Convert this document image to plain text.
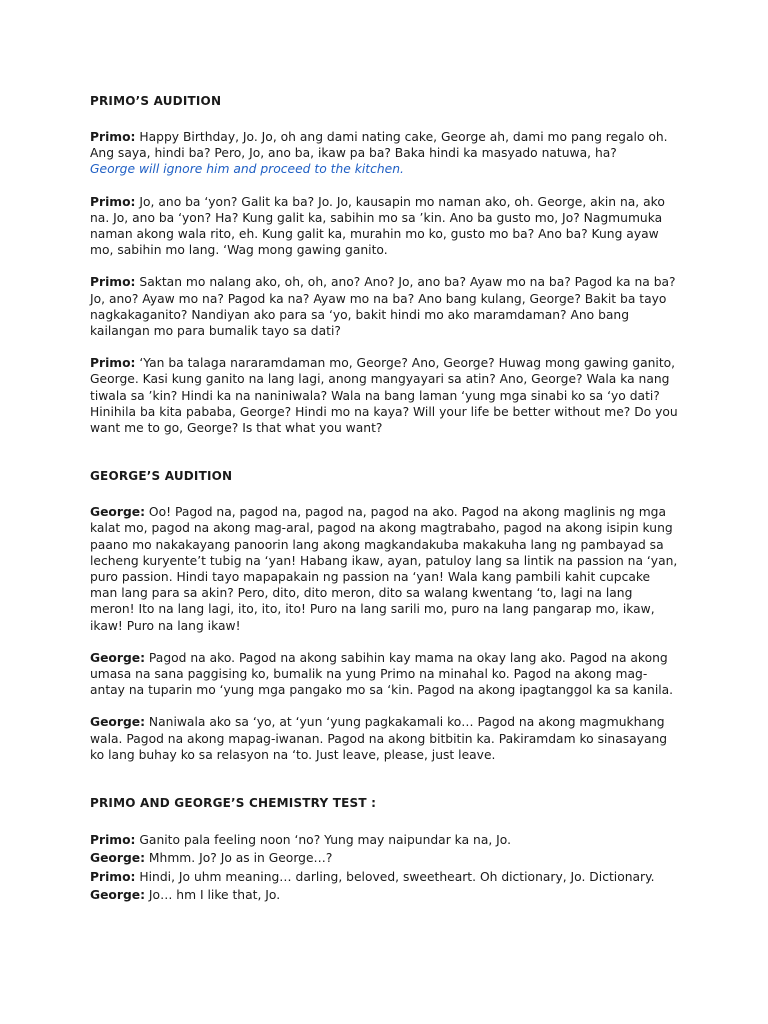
PRIMO’S AUDITION

Primo: Happy Birthday, Jo. Jo, oh ang dami nating cake, George ah, dami mo pang regalo oh. Ang saya, hindi ba? Pero, Jo, ano ba, ikaw pa ba? Baka hindi ka masyado natuwa, ha?
George will ignore him and proceed to the kitchen.

Primo: Jo, ano ba ‘yon? Galit ka ba? Jo. Jo, kausapin mo naman ako, oh. George, akin na, ako na. Jo, ano ba ‘yon? Ha? Kung galit ka, sabihin mo sa ’kin. Ano ba gusto mo, Jo? Nagmumuka naman akong wala rito, eh. Kung galit ka, murahin mo ko, gusto mo ba? Ano ba? Kung ayaw mo, sabihin mo lang. ‘Wag mong gawing ganito.

Primo: Saktan mo nalang ako, oh, oh, ano? Ano? Jo, ano ba? Ayaw mo na ba? Pagod ka na ba? Jo, ano? Ayaw mo na? Pagod ka na? Ayaw mo na ba? Ano bang kulang, George? Bakit ba tayo nagkakaganito? Nandiyan ako para sa ‘yo, bakit hindi mo ako maramdaman? Ano bang kailangan mo para bumalik tayo sa dati?

Primo: ‘Yan ba talaga nararamdaman mo, George? Ano, George? Huwag mong gawing ganito, George. Kasi kung ganito na lang lagi, anong mangyayari sa atin? Ano, George? Wala ka nang tiwala sa ’kin? Hindi ka na naniniwala? Wala na bang laman ‘yung mga sinabi ko sa ‘yo dati? Hinihila ba kita pababa, George? Hindi mo na kaya? Will your life be better without me? Do you want me to go, George? Is that what you want?

GEORGE’S AUDITION

George: Oo! Pagod na, pagod na, pagod na, pagod na ako. Pagod na akong maglinis ng mga kalat mo, pagod na akong mag-aral, pagod na akong magtrabaho, pagod na akong isipin kung paano mo nakakayang panoorin lang akong magkandakuba makakuha lang ng pambayad sa lecheng kuryente’t tubig na ‘yan! Habang ikaw, ayan, patuloy lang sa lintik na passion na ‘yan, puro passion. Hindi tayo mapapakain ng passion na ‘yan! Wala kang pambili kahit cupcake man lang para sa akin? Pero, dito, dito meron, dito sa walang kwentang ‘to, lagi na lang meron! Ito na lang lagi, ito, ito, ito! Puro na lang sarili mo, puro na lang pangarap mo, ikaw, ikaw! Puro na lang ikaw!

George: Pagod na ako. Pagod na akong sabihin kay mama na okay lang ako. Pagod na akong umasa na sana paggising ko, bumalik na yung Primo na minahal ko. Pagod na akong mag-antay na tuparin mo ‘yung mga pangako mo sa ‘kin. Pagod na akong ipagtanggol ka sa kanila.

George: Naniwala ako sa ‘yo, at ‘yun ‘yung pagkakamali ko… Pagod na akong magmukhang wala. Pagod na akong mapag-iwanan. Pagod na akong bitbitin ka. Pakiramdam ko sinasayang ko lang buhay ko sa relasyon na ‘to. Just leave, please, just leave.

PRIMO AND GEORGE’S CHEMISTRY TEST :

Primo: Ganito pala feeling noon ‘no? Yung may naipundar ka na, Jo.
George: Mhmm. Jo? Jo as in George…?
Primo: Hindi, Jo uhm meaning… darling, beloved, sweetheart. Oh dictionary, Jo. Dictionary.
George: Jo… hm I like that, Jo.
